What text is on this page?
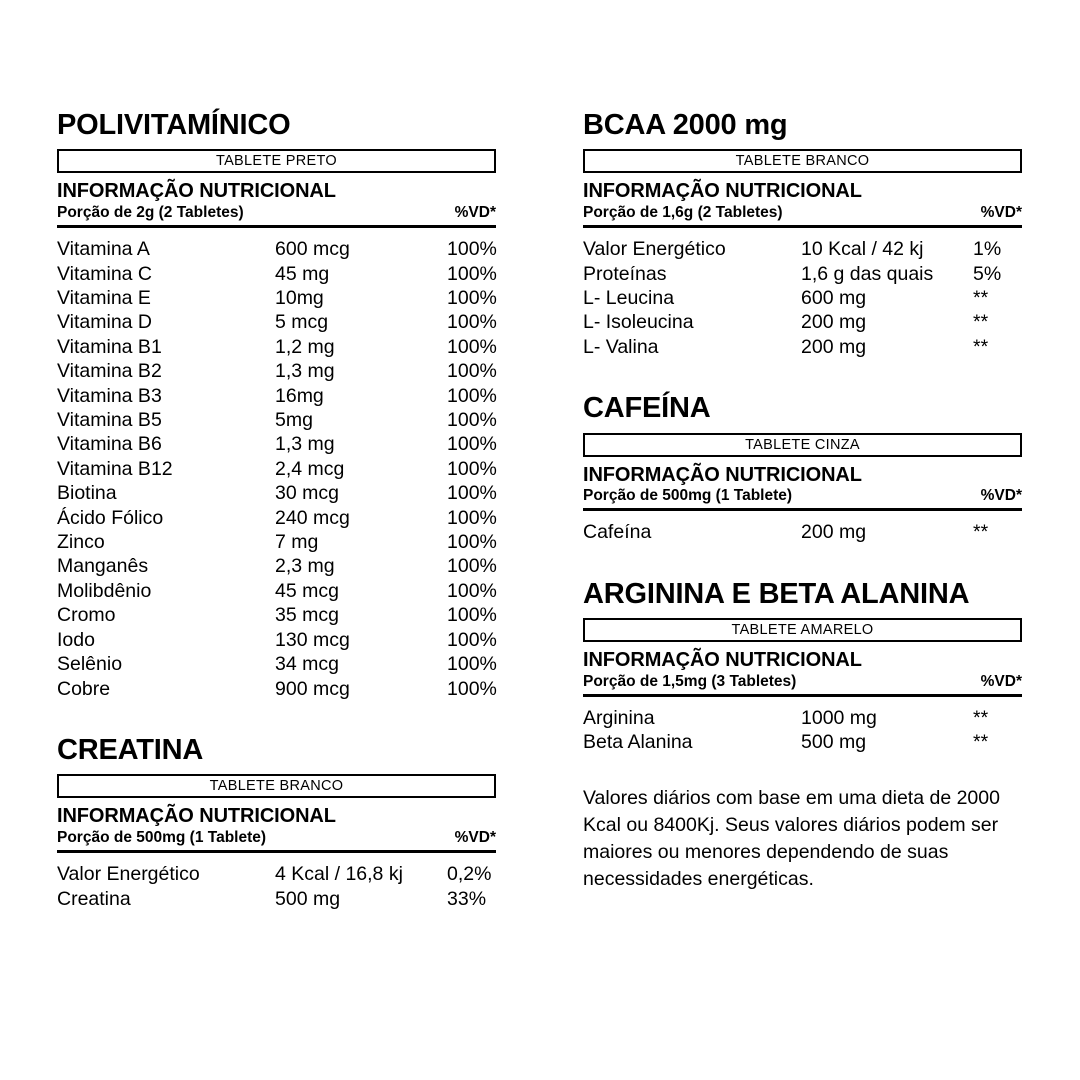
POLIVITAMÍNICO
TABLETE PRETO
INFORMAÇÃO NUTRICIONAL
Porção de 2g (2 Tabletes)	%VD*
Vitamina A	600 mcg	100%
Vitamina C	45 mg	100%
Vitamina E	10mg	100%
Vitamina D	5 mcg	100%
Vitamina B1	1,2 mg	100%
Vitamina B2	1,3 mg	100%
Vitamina B3	16mg	100%
Vitamina B5	5mg	100%
Vitamina B6	1,3 mg	100%
Vitamina B12	2,4 mcg	100%
Biotina	30 mcg	100%
Ácido Fólico	240 mcg	100%
Zinco	7 mg	100%
Manganês	2,3 mg	100%
Molibdênio	45 mcg	100%
Cromo	35 mcg	100%
Iodo	130 mcg	100%
Selênio	34 mcg	100%
Cobre	900 mcg	100%
CREATINA
TABLETE BRANCO
INFORMAÇÃO NUTRICIONAL
Porção de 500mg (1 Tablete)	%VD*
Valor Energético	4 Kcal / 16,8 kj	0,2%
Creatina	500 mg	33%
BCAA 2000 mg
TABLETE BRANCO
INFORMAÇÃO NUTRICIONAL
Porção de 1,6g (2 Tabletes)	%VD*
Valor Energético	10 Kcal / 42 kj	1%
Proteínas	1,6 g das quais	5%
L- Leucina	600 mg	**
L- Isoleucina	200 mg	**
L- Valina	200 mg	**
CAFEÍNA
TABLETE CINZA
INFORMAÇÃO NUTRICIONAL
Porção de 500mg (1 Tablete)	%VD*
Cafeína	200 mg	**
ARGININA E BETA ALANINA
TABLETE AMARELO
INFORMAÇÃO NUTRICIONAL
Porção de 1,5mg (3 Tabletes)	%VD*
Arginina	1000 mg	**
Beta Alanina	500 mg	**

Valores diários com base em uma dieta de 2000 Kcal ou 8400Kj. Seus valores diários podem ser maiores ou menores dependendo de suas necessidades energéticas.
